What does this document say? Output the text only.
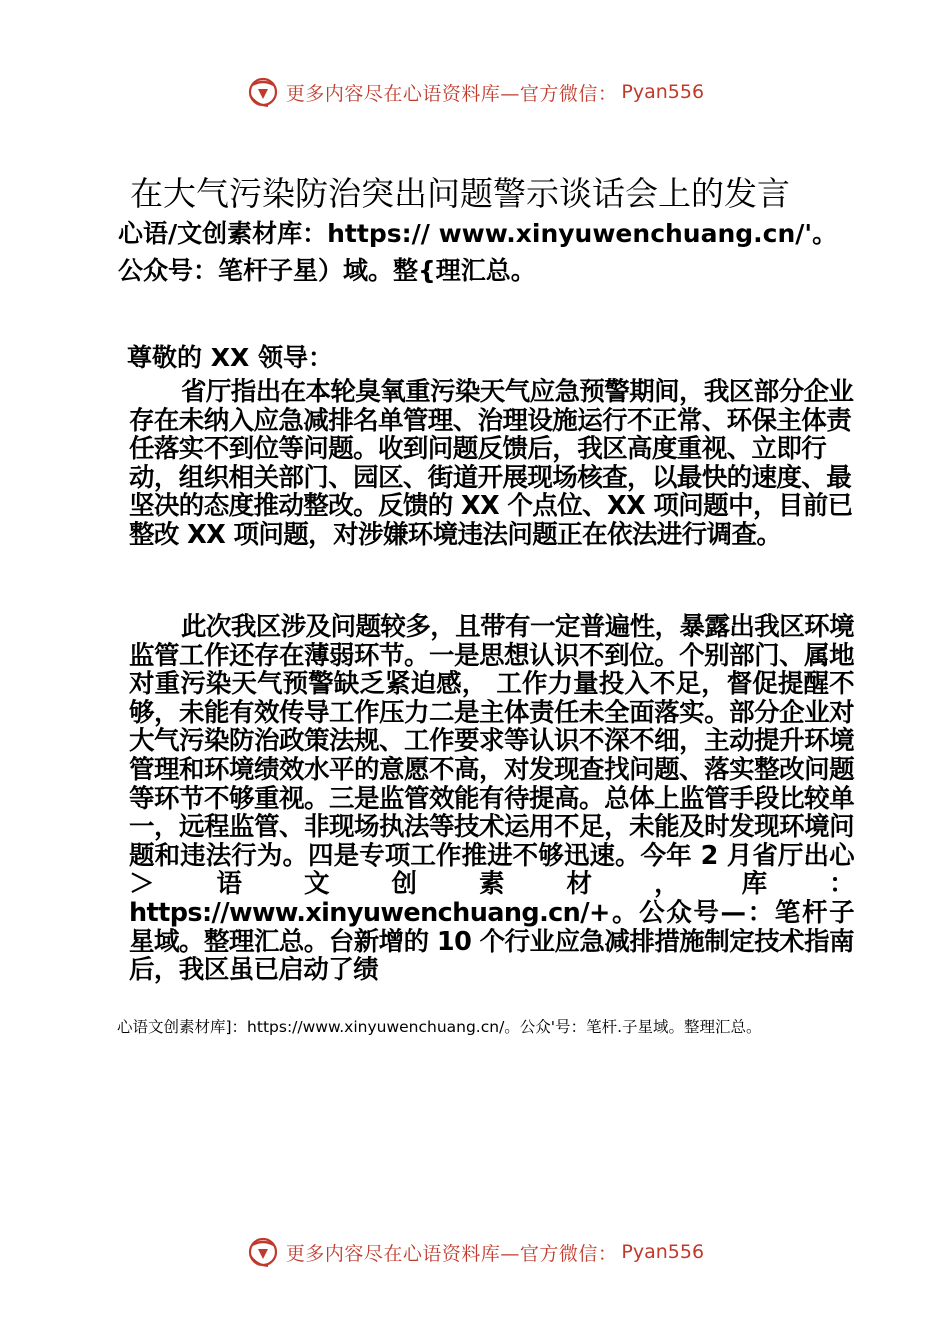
更多内容尽在心语资料库—官方微信： Pyan556
在大气污染防治突出问题警示谈话会上的发言
心语/文创素材库：https:// www.xinyuwenchuang.cn/'。公众号：笔杆子星）域。整{理汇总。
尊敬的 XX 领导：
省厅指出在本轮臭氧重污染天气应急预警期间，我区部分企业存在未纳入应急减排名单管理、治理设施运行不正常、环保主体责任落实不到位等问题。收到问题反馈后，我区高度重视、立即行动，组织相关部门、园区、街道开展现场核查，以最快的速度、最坚决的态度推动整改。反馈的 XX 个点位、XX 项问题中，目前已整改 XX 项问题，对涉嫌环境违法问题正在依法进行调查。
此次我区涉及问题较多，且带有一定普遍性，暴露出我区环境监管工作还存在薄弱环节。一是思想认识不到位。个别部门、属地对重污染天气预警缺乏紧迫感， 工作力量投入不足，督促提醒不够，未能有效传导工作压力二是主体责任未全面落实。部分企业对大气污染防治政策法规、工作要求等认识不深不细，主动提升环境管理和环境绩效水平的意愿不高，对发现查找问题、落实整改问题等环节不够重视。三是监管效能有待提高。总体上监管手段比较单一，远程监管、非现场执法等技术运用不足，未能及时发现环境问题和违法行为。四是专项工作推进不够迅速。今年 2 月省厅出心＞语文创素材，库：https://www.xinyuwenchuang.cn/+。公众号—：笔杆子星域。整理汇总。台新增的 10 个行业应急减排措施制定技术指南后，我区虽已启动了绩
心语文创素材库]：https://www.xinyuwenchuang.cn/。公众'号：笔杆.子星域。整理汇总。
更多内容尽在心语资料库—官方微信： Pyan556
